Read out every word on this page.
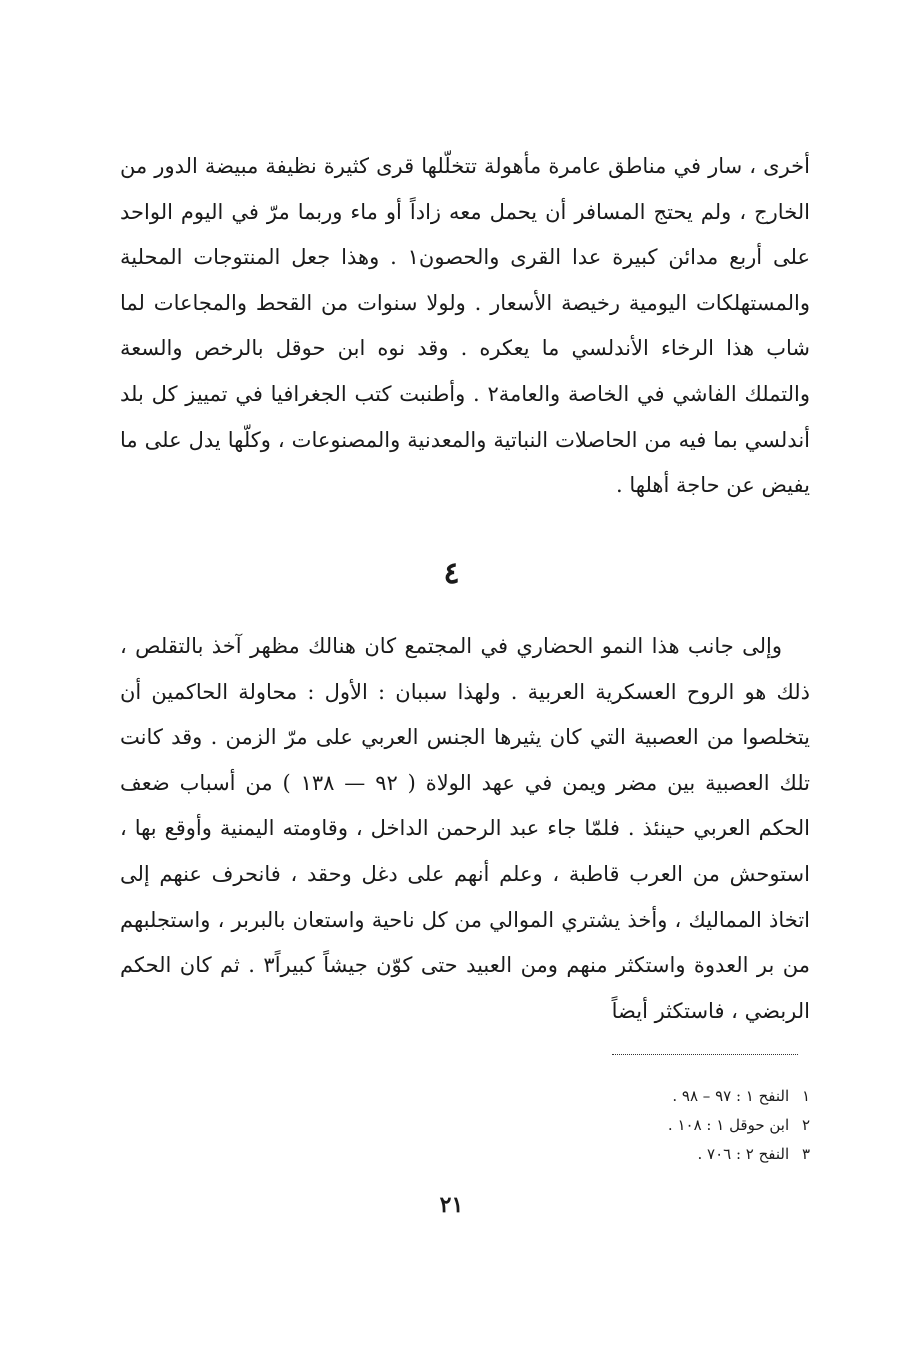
أخرى ، سار في مناطق عامرة مأهولة تتخلّلها قرى كثيرة نظيفة مبيضة الدور من الخارج ، ولم يحتج المسافر أن يحمل معه زاداً أو ماء وربما مرّ في اليوم الواحد على أربع مدائن كبيرة عدا القرى والحصون١ . وهذا جعل المنتوجات المحلية والمستهلكات اليومية رخيصة الأسعار . ولولا سنوات من القحط والمجاعات لما شاب هذا الرخاء الأندلسي ما يعكره . وقد نوه ابن حوقل بالرخص والسعة والتملك الفاشي في الخاصة والعامة٢ . وأطنبت كتب الجغرافيا في تمييز كل بلد أندلسي بما فيه من الحاصلات النباتية والمعدنية والمصنوعات ، وكلّها يدل على ما يفيض عن حاجة أهلها .

٤

وإلى جانب هذا النمو الحضاري في المجتمع كان هنالك مظهر آخذ بالتقلص ، ذلك هو الروح العسكرية العربية . ولهذا سببان : الأول : محاولة الحاكمين أن يتخلصوا من العصبية التي كان يثيرها الجنس العربي على مرّ الزمن . وقد كانت تلك العصبية بين مضر ويمن في عهد الولاة ( ٩٢ — ١٣٨ ) من أسباب ضعف الحكم العربي حينئذ . فلمّا جاء عبد الرحمن الداخل ، وقاومته اليمنية وأوقع بها ، استوحش من العرب قاطبة ، وعلم أنهم على دغل وحقد ، فانحرف عنهم إلى اتخاذ المماليك ، وأخذ يشتري الموالي من كل ناحية واستعان بالبربر ، واستجلبهم من بر العدوة واستكثر منهم ومن العبيد حتى كوّن جيشاً كبيراً٣ . ثم كان الحكم الربضي ، فاستكثر أيضاً

١ النفح ١ : ٩٧ – ٩٨ .
٢ ابن حوقل ١ : ١٠٨ .
٣ النفح ٢ : ٧٠٦ .
٢١
